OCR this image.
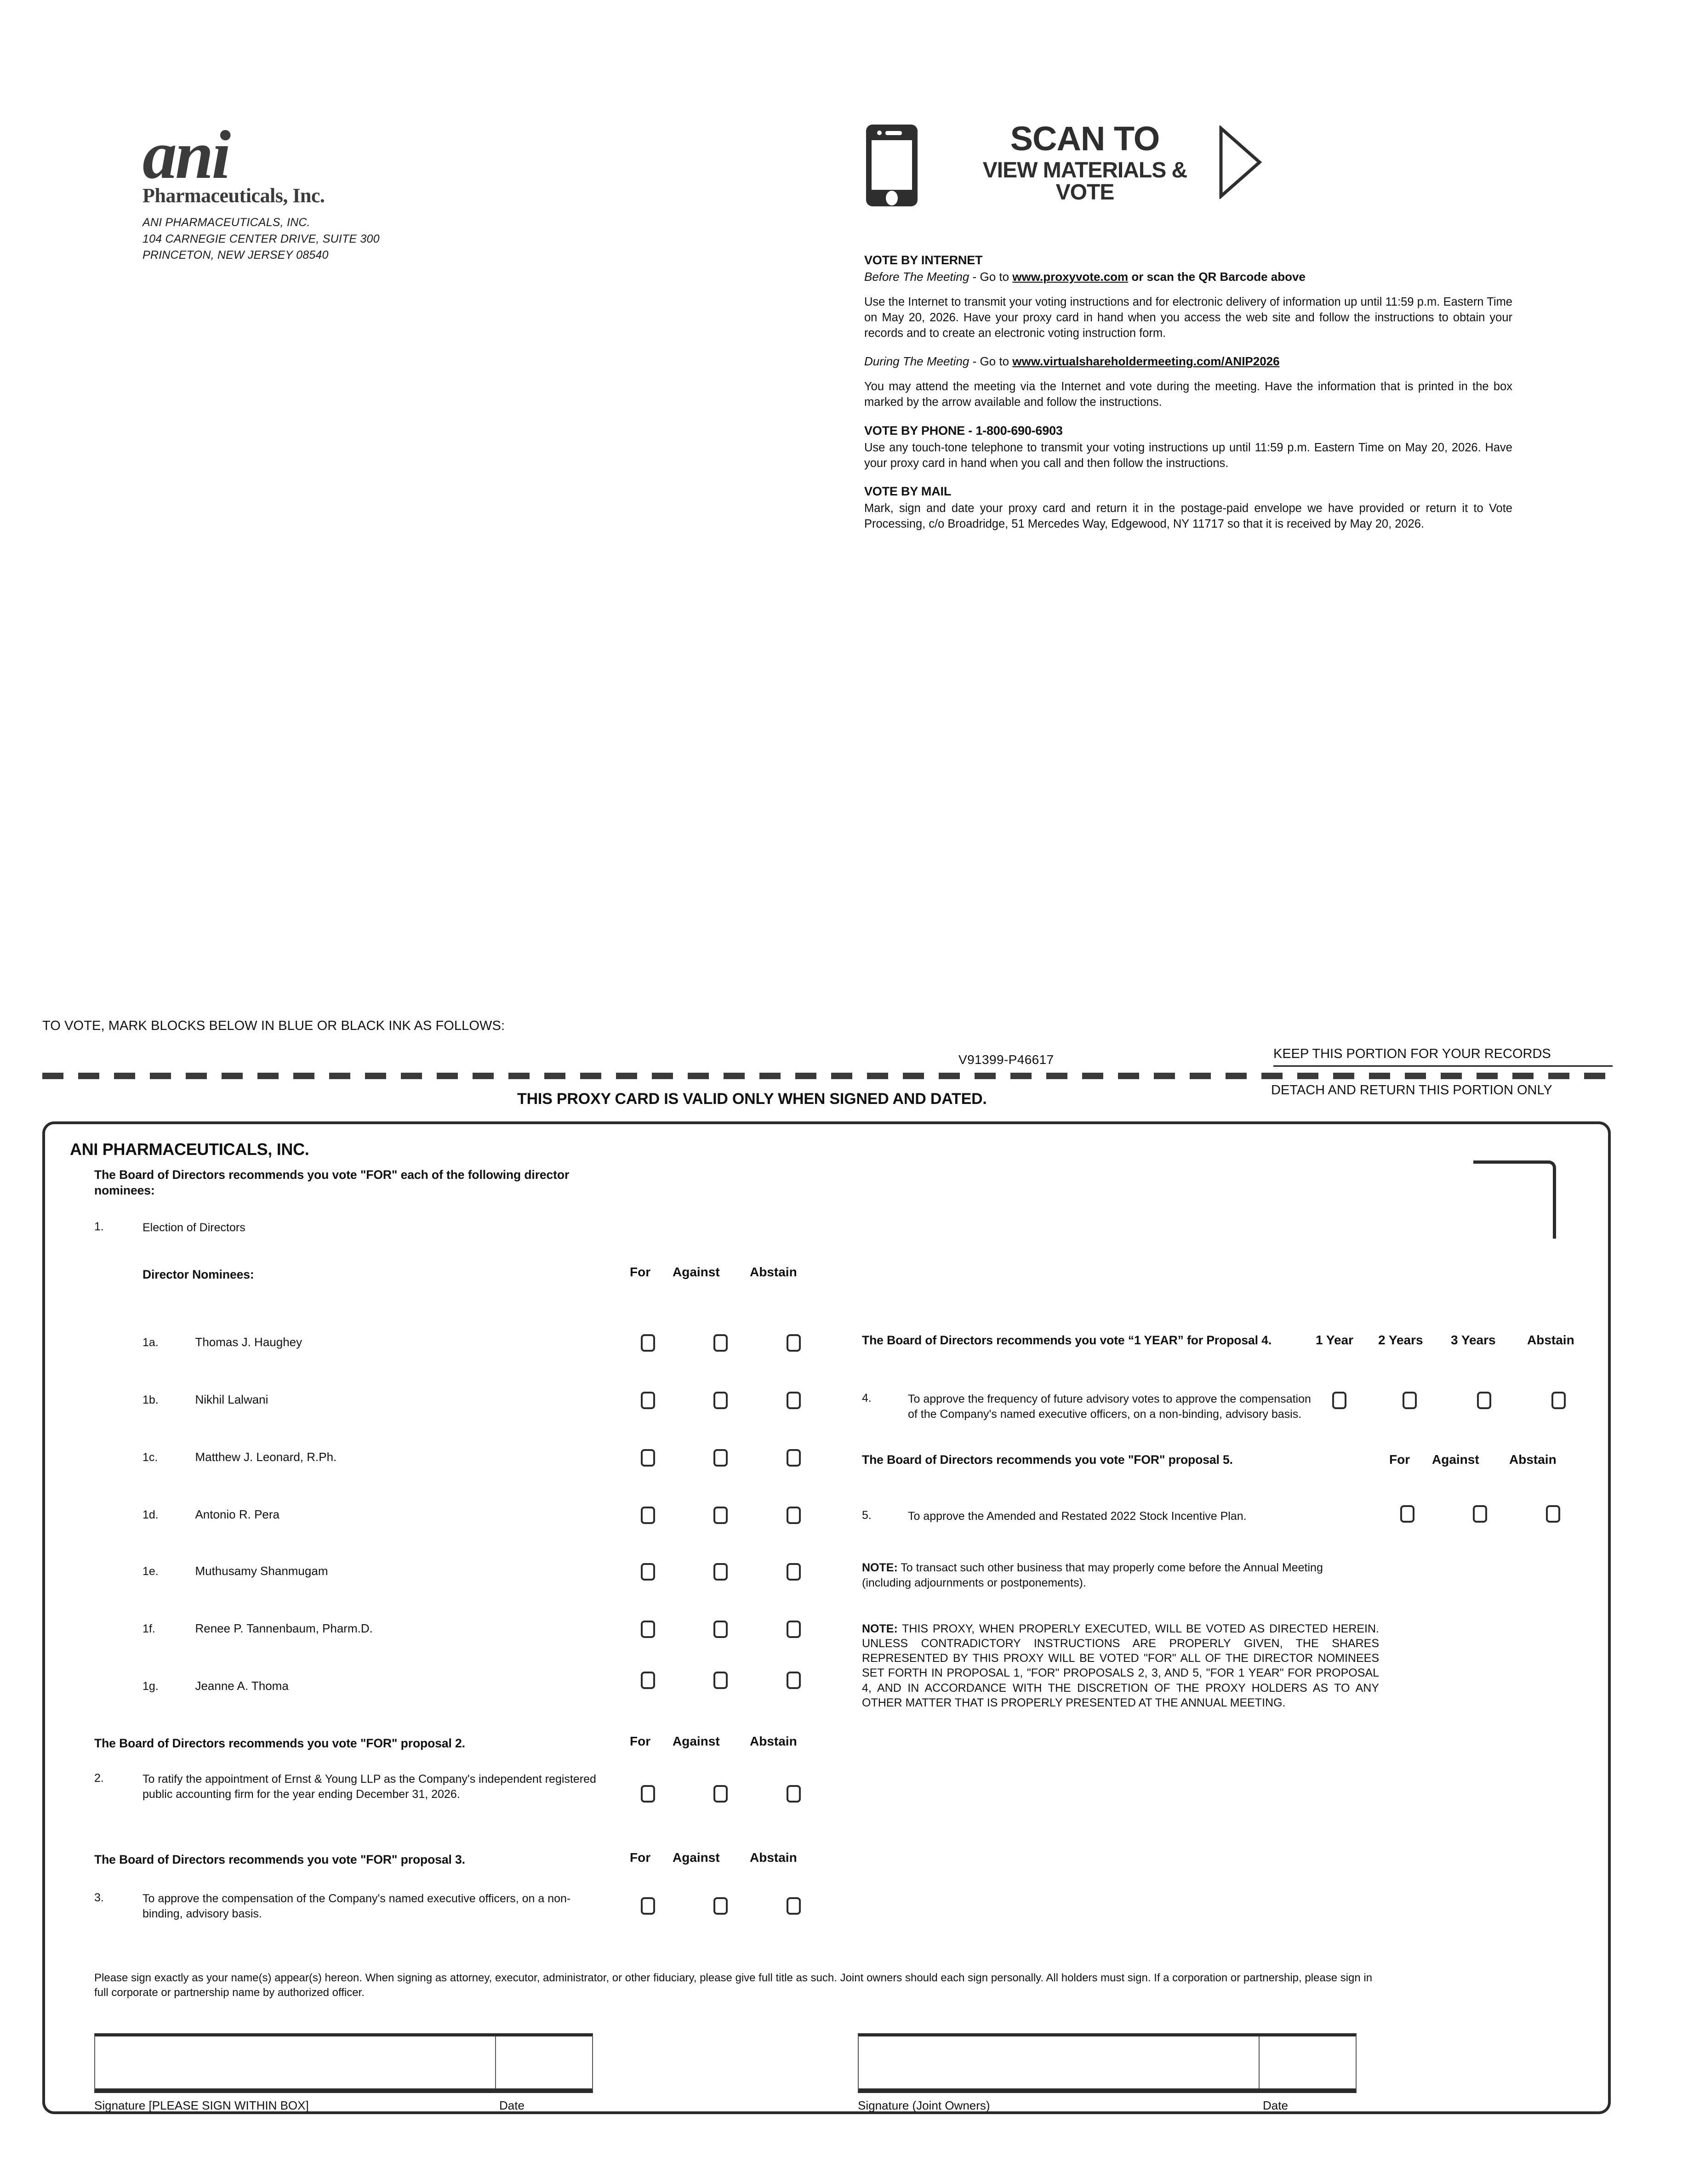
ani
Pharmaceuticals, Inc.
ANI PHARMACEUTICALS, INC.
104 CARNEGIE CENTER DRIVE, SUITE 300
PRINCETON, NEW JERSEY 08540
SCAN TO
VIEW MATERIALS & VOTE
VOTE BY INTERNET
Before The Meeting - Go to www.proxyvote.com or scan the QR Barcode above
Use the Internet to transmit your voting instructions and for electronic delivery of information up until 11:59 p.m. Eastern Time on May 20, 2026. Have your proxy card in hand when you access the web site and follow the instructions to obtain your records and to create an electronic voting instruction form.
During The Meeting - Go to www.virtualshareholdermeeting.com/ANIP2026
You may attend the meeting via the Internet and vote during the meeting. Have the information that is printed in the box marked by the arrow available and follow the instructions.
VOTE BY PHONE - 1-800-690-6903
Use any touch-tone telephone to transmit your voting instructions up until 11:59 p.m. Eastern Time on May 20, 2026. Have your proxy card in hand when you call and then follow the instructions.
VOTE BY MAIL
Mark, sign and date your proxy card and return it in the postage-paid envelope we have provided or return it to Vote Processing, c/o Broadridge, 51 Mercedes Way, Edgewood, NY 11717 so that it is received by May 20, 2026.
TO VOTE, MARK BLOCKS BELOW IN BLUE OR BLACK INK AS FOLLOWS:
V91399-P46617	KEEP THIS PORTION FOR YOUR RECORDS
DETACH AND RETURN THIS PORTION ONLY
THIS PROXY CARD IS VALID ONLY WHEN SIGNED AND DATED.
ANI PHARMACEUTICALS, INC.
The Board of Directors recommends you vote "FOR" each of the following director nominees:
1.	Election of Directors
Director Nominees:	For Against Abstain
1a.	Thomas J. Haughey
1b.	Nikhil Lalwani
1c.	Matthew J. Leonard, R.Ph.
1d.	Antonio R. Pera
1e.	Muthusamy Shanmugam
1f.	Renee P. Tannenbaum, Pharm.D.
1g.	Jeanne A. Thoma
The Board of Directors recommends you vote "FOR" proposal 2.	For Against Abstain
2.	To ratify the appointment of Ernst & Young LLP as the Company's independent registered public accounting firm for the year ending December 31, 2026.
The Board of Directors recommends you vote "FOR" proposal 3.	For Against Abstain
3.	To approve the compensation of the Company's named executive officers, on a non-binding, advisory basis.
The Board of Directors recommends you vote “1 YEAR” for Proposal 4.	1 Year 2 Years 3 Years Abstain
4.	To approve the frequency of future advisory votes to approve the compensation of the Company's named executive officers, on a non-binding, advisory basis.
The Board of Directors recommends you vote "FOR" proposal 5.	For Against Abstain
5.	To approve the Amended and Restated 2022 Stock Incentive Plan.
NOTE: To transact such other business that may properly come before the Annual Meeting (including adjournments or postponements).
NOTE: THIS PROXY, WHEN PROPERLY EXECUTED, WILL BE VOTED AS DIRECTED HEREIN. UNLESS CONTRADICTORY INSTRUCTIONS ARE PROPERLY GIVEN, THE SHARES REPRESENTED BY THIS PROXY WILL BE VOTED "FOR" ALL OF THE DIRECTOR NOMINEES SET FORTH IN PROPOSAL 1, "FOR" PROPOSALS 2, 3, AND 5, "FOR 1 YEAR" FOR PROPOSAL 4, AND IN ACCORDANCE WITH THE DISCRETION OF THE PROXY HOLDERS AS TO ANY OTHER MATTER THAT IS PROPERLY PRESENTED AT THE ANNUAL MEETING.
Please sign exactly as your name(s) appear(s) hereon. When signing as attorney, executor, administrator, or other fiduciary, please give full title as such. Joint owners should each sign personally. All holders must sign. If a corporation or partnership, please sign in full corporate or partnership name by authorized officer.
Signature [PLEASE SIGN WITHIN BOX]	Date	Signature (Joint Owners)	Date
